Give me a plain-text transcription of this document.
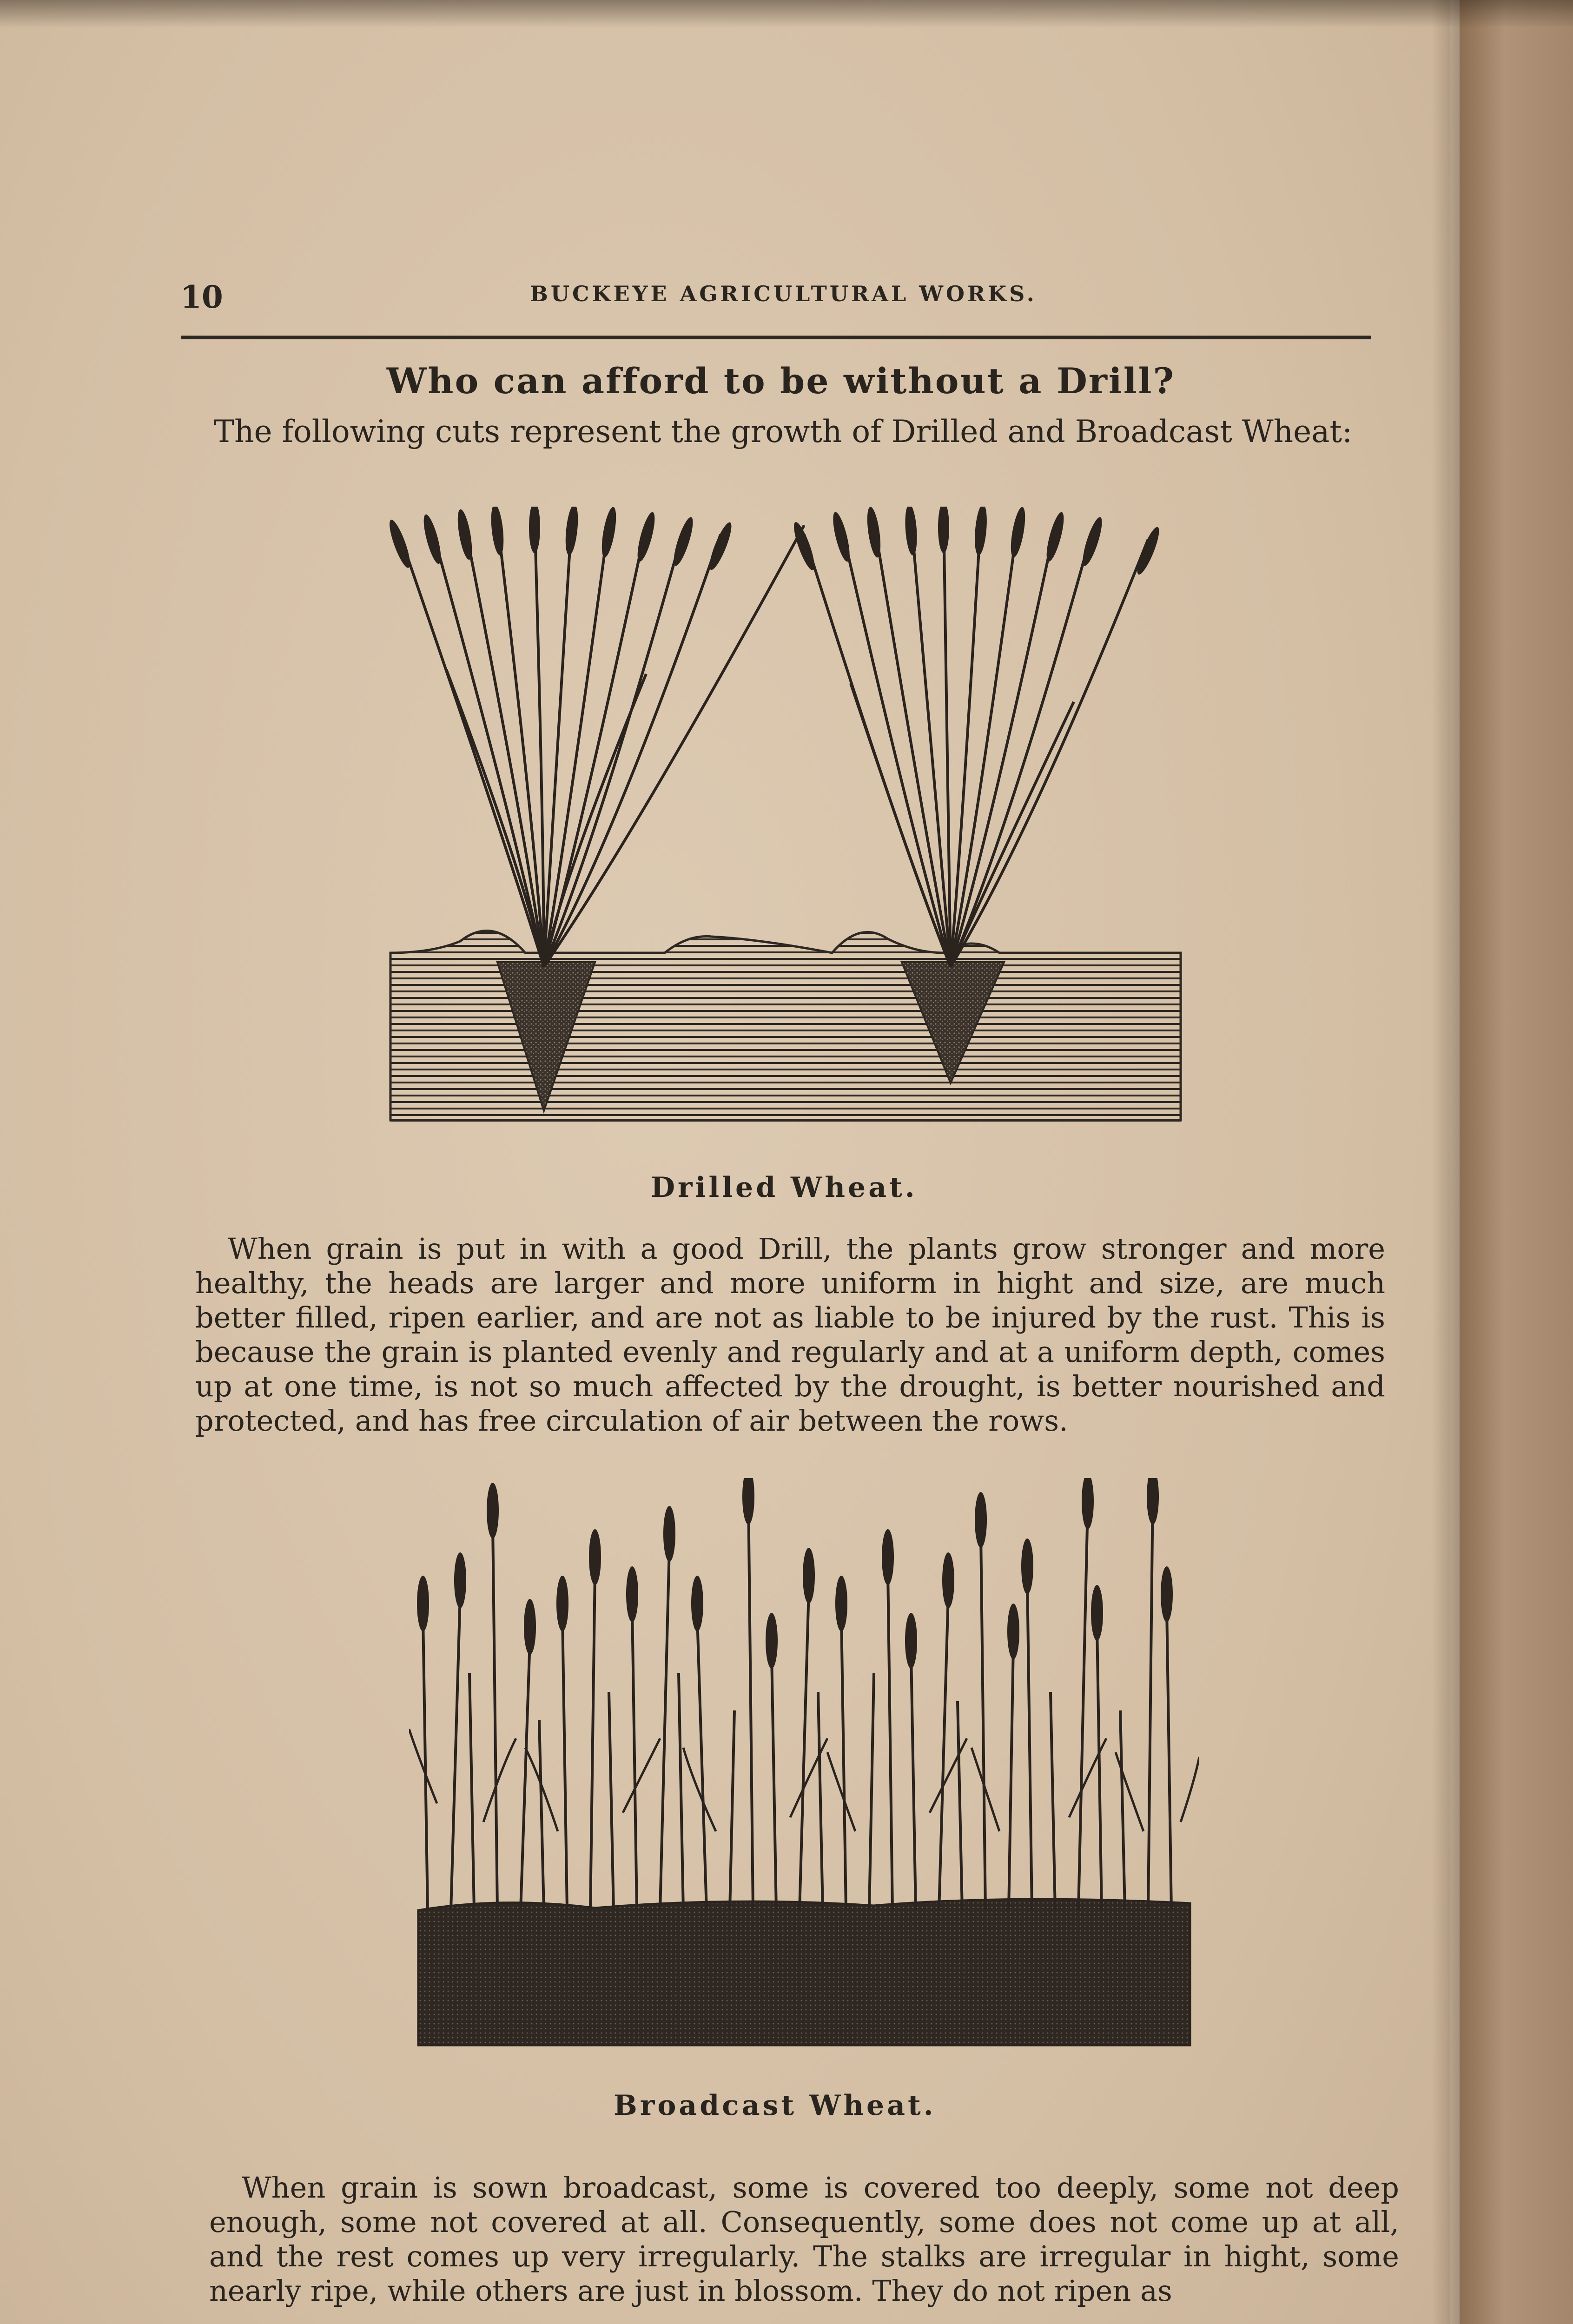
10	BUCKEYE AGRICULTURAL WORKS.
Who can afford to be without a Drill?
The following cuts represent the growth of Drilled and Broadcast Wheat:
Drilled Wheat.
When grain is put in with a good Drill, the plants grow stronger and more healthy, the heads are larger and more uniform in hight and size, are much better filled, ripen earlier, and are not as liable to be injured by the rust. This is because the grain is planted evenly and regularly and at a uniform depth, comes up at one time, is not so much affected by the drought, is better nourished and protected, and has free circulation of air between the rows.
Broadcast Wheat.
When grain is sown broadcast, some is covered too deeply, some not deep enough, some not covered at all. Consequently, some does not come up at all, and the rest comes up very irregularly. The stalks are irregular in hight, some nearly ripe, while others are just in blossom. They do not ripen as
